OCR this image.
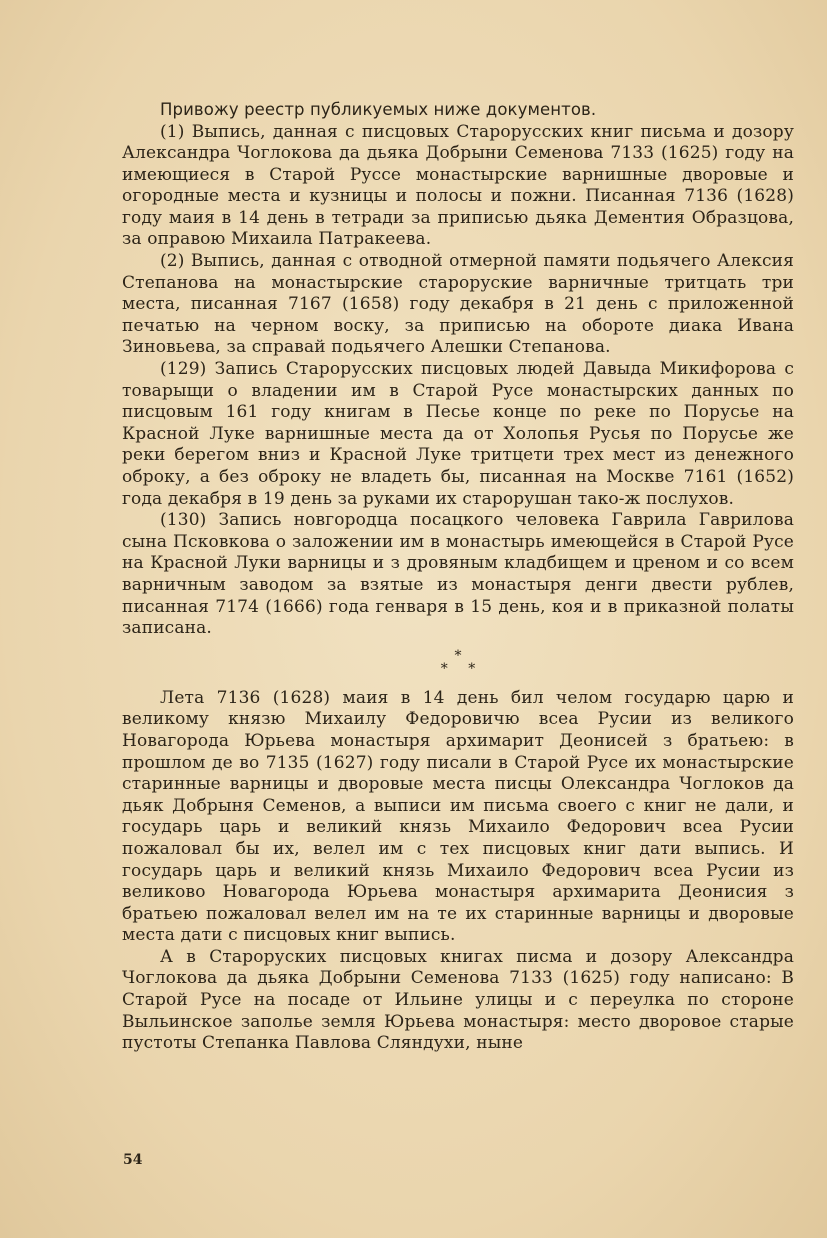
Привожу реестр публикуемых ниже документов.

(1) Выпись, данная с писцовых Старорусских книг письма и дозору Александра Чоглокова да дьяка Добрыни Семенова 7133 (1625) году на имеющиеся в Старой Руссе монастырские варнишные дворовые и огородные места и кузницы и полосы и пожни. Писанная 7136 (1628) году маия в 14 день в тетради за приписью дьяка Дементия Образцова, за оправою Михаила Патракеева.

(2) Выпись, данная с отводной отмерной памяти подьячего Алексия Степанова на монастырские старорускиe варничные тритцать три места, писанная 7167 (1658) году декабря в 21 день с приложенной печатью на черном воску, за приписью на обороте диака Ивана Зиновьева, за справай подьячего Алешки Степанова.

(129) Запись Старорусских писцовых людей Давыда Микифорова с товарыщи о владении им в Старой Русе монастырских данных по писцовым 161 году книгам в Песье конце по реке по Порусье на Красной Луке варнишные места да от Холопья Русья по Порусье же реки берегом вниз и Красной Луке тритцети трех мест из денежного оброку, а без оброку не владеть бы, писанная на Москве 7161 (1652) года декабря в 19 день за руками их старорушан тако-ж послухов.

(130) Запись новгородца посацкого человека Гаврила Гаврилова сына Псковкова о заложении им в монастырь имеющейся в Старой Русе на Красной Луки варницы и з дровяным кладбищем и цреном и со всем варничным заводом за взятые из монастыря денги двести рублев, писанная 7174 (1666) года генваря в 15 день, коя и в приказной полаты записана.

*
* *

Лета 7136 (1628) маия в 14 день бил челом государю царю и великому князю Михаилу Федоровичю всеа Русии из великого Новагорода Юрьева монастыря архимарит Деонисей з братьею: в прошлом де во 7135 (1627) году писали в Старой Русе их монастырские старинные варницы и дворовые места писцы Олександра Чоглоков да дьяк Добрыня Семенов, а выписи им письма своего с книг не дали, и государь царь и великий князь Михаило Федорович всеа Русии пожаловал бы их, велел им с тех писцовых книг дати выпись. И государь царь и великий князь Михаило Федорович всеа Русии из великово Новагорода Юрьева монастыря архимарита Деонисия з братьею пожаловал велел им на те их старинные варницы и дворовые места дати с писцовых книг выпись.

А в Старoруских писцовых книгах писма и дозору Александра Чоглокова да дьяка Добрыни Семенова 7133 (1625) году написано: В Старой Русе на посаде от Ильине улицы и с переулка по стороне Выльинское заполье земля Юрьева монастыря: место дворовое старые пустоты Степанка Павлова Сляндухи, ныне

54
